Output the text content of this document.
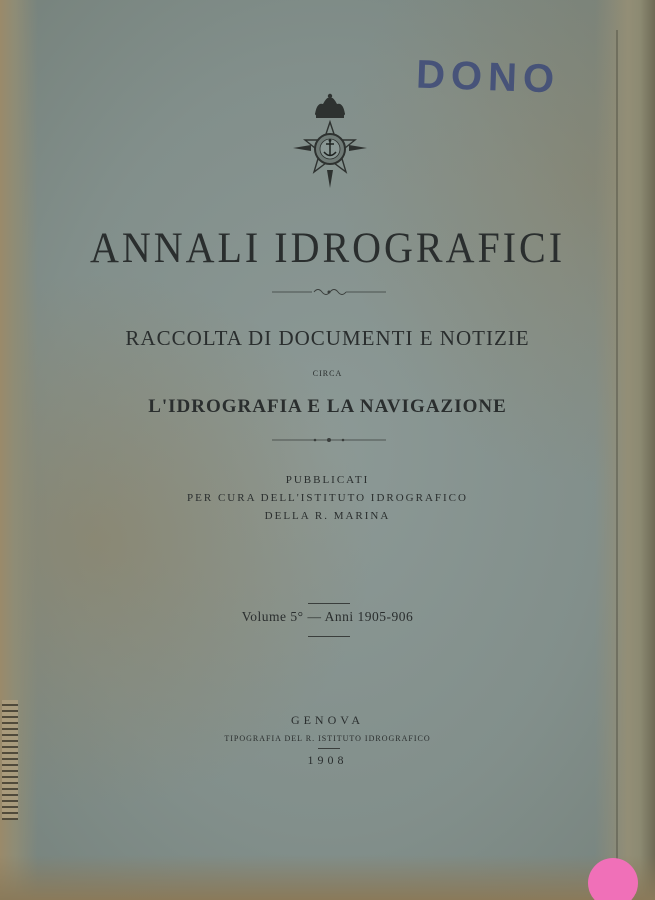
DONO
ANNALI IDROGRAFICI
RACCOLTA DI DOCUMENTI E NOTIZIE
CIRCA
L'IDROGRAFIA E LA NAVIGAZIONE
PUBBLICATI
PER CURA DELL'ISTITUTO IDROGRAFICO
DELLA R. MARINA
Volume 5° — Anni 1905-906
GENOVA
TIPOGRAFIA DEL R. ISTITUTO IDROGRAFICO
1908
